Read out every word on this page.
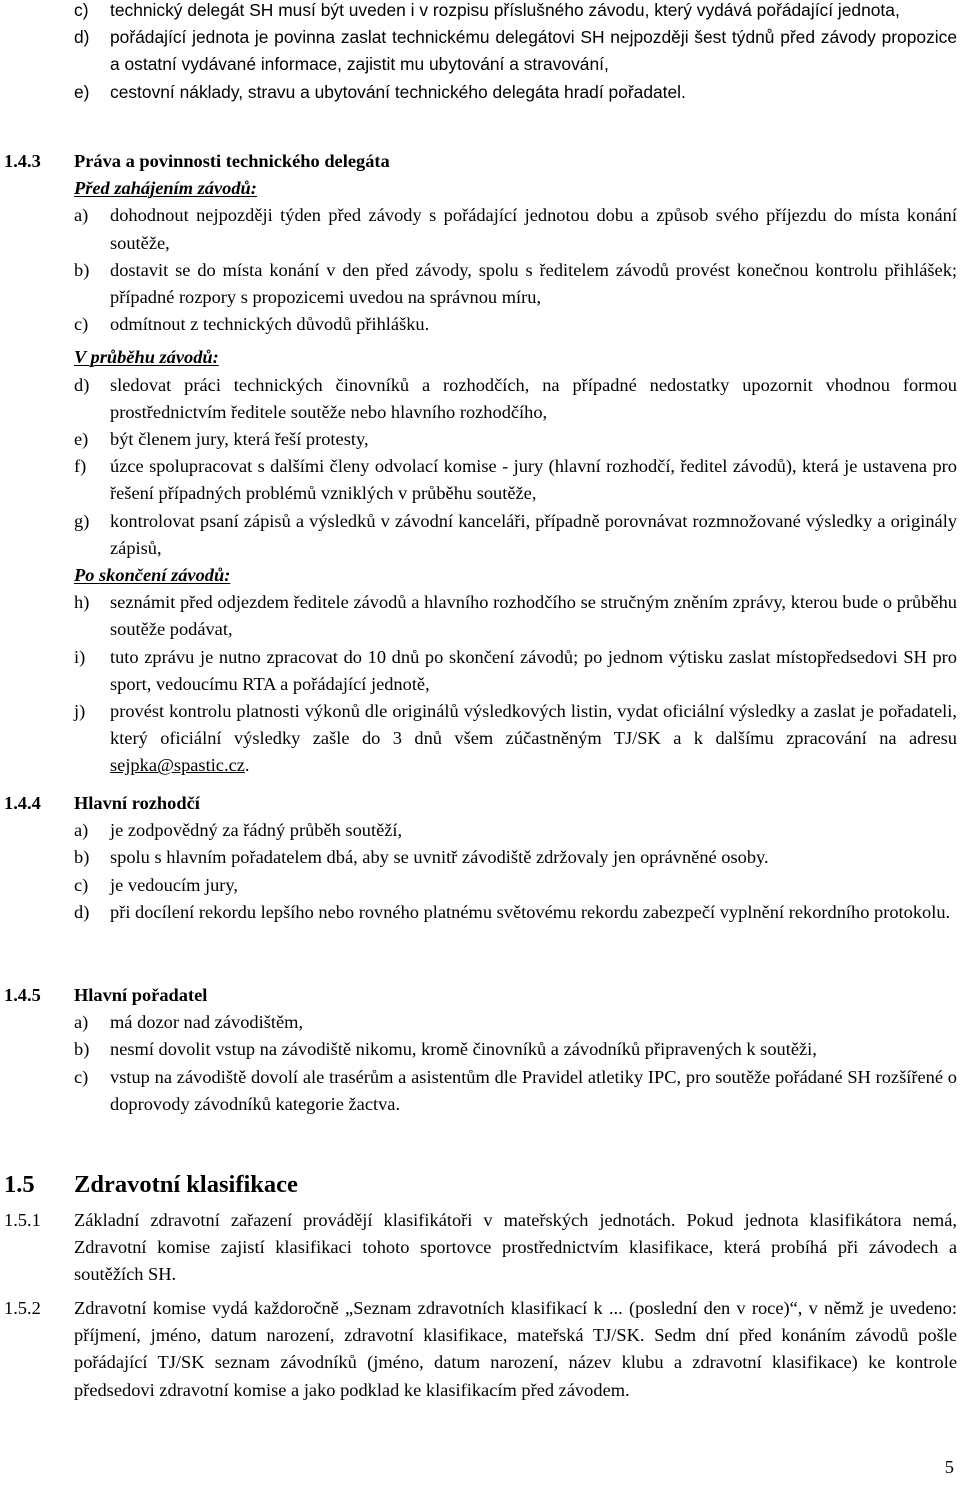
c) technický delegát SH musí být uveden i v rozpisu příslušného závodu, který vydává pořádající jednota,
d) pořádající jednota je povinna zaslat technickému delegátovi SH nejpozději šest týdnů před závody propozice a ostatní vydávané informace, zajistit mu ubytování a stravování,
e) cestovní náklady, stravu a ubytování technického delegáta hradí pořadatel.
1.4.3 Práva a povinnosti technického delegáta
Před zahájením závodů:
a) dohodnout nejpozději týden před závody s pořádající jednotou dobu a způsob svého příjezdu do místa konání soutěže,
b) dostavit se do místa konání v den před závody, spolu s ředitelem závodů provést konečnou kontrolu přihlášek; případné rozpory s propozicemi uvedou na správnou míru,
c) odmítnout z technických důvodů přihlášku.
V průběhu závodů:
d) sledovat práci technických činovníků a rozhodčích, na případné nedostatky upozornit vhodnou formou prostřednictvím ředitele soutěže nebo hlavního rozhodčího,
e) být členem jury, která řeší protesty,
f) úzce spolupracovat s dalšími členy odvolací komise - jury (hlavní rozhodčí, ředitel závodů), která je ustavena pro řešení případných problémů vzniklých v průběhu soutěže,
g) kontrolovat psaní zápisů a výsledků v závodní kanceláři, případně porovnávat rozmnožované výsledky a originály zápisů,
Po skončení závodů:
h) seznámit před odjezdem ředitele závodů a hlavního rozhodčího se stručným zněním zprávy, kterou bude o průběhu soutěže podávat,
i) tuto zprávu je nutno zpracovat do 10 dnů po skončení závodů; po jednom výtisku zaslat místopředsedovi SH pro sport, vedoucímu RTA a pořádající jednotě,
j) provést kontrolu platnosti výkonů dle originálů výsledkových listin, vydat oficiální výsledky a zaslat je pořadateli, který oficiální výsledky zašle do 3 dnů všem zúčastněným TJ/SK a k dalšímu zpracování na adresu sejpka@spastic.cz.
1.4.4 Hlavní rozhodčí
a) je zodpovědný za řádný průběh soutěží,
b) spolu s hlavním pořadatelem dbá, aby se uvnitř závodiště zdržovaly jen oprávněné osoby.
c) je vedoucím jury,
d) při docílení rekordu lepšího nebo rovného platnému světovému rekordu zabezpečí vyplnění rekordního protokolu.
1.4.5 Hlavní pořadatel
a) má dozor nad závodištěm,
b) nesmí dovolit vstup na závodiště nikomu, kromě činovníků a závodníků připravených k soutěži,
c) vstup na závodiště dovolí ale trasérům a asistentům dle Pravidel atletiky IPC, pro soutěže pořádané SH rozšířené o doprovody závodníků kategorie žactva.
1.5 Zdravotní klasifikace
1.5.1 Základní zdravotní zařazení provádějí klasifikátoři v mateřských jednotách. Pokud jednota klasifikátora nemá, Zdravotní komise zajistí klasifikaci tohoto sportovce prostřednictvím klasifikace, která probíhá při závodech a soutěžích SH.
1.5.2 Zdravotní komise vydá každoročně „Seznam zdravotních klasifikací k ... (poslední den v roce)“, v němž je uvedeno: příjmení, jméno, datum narození, zdravotní klasifikace, mateřská TJ/SK. Sedm dní před konáním závodů pošle pořádající TJ/SK seznam závodníků (jméno, datum narození, název klubu a zdravotní klasifikace) ke kontrole předsedovi zdravotní komise a jako podklad ke klasifikacím před závodem.
5
